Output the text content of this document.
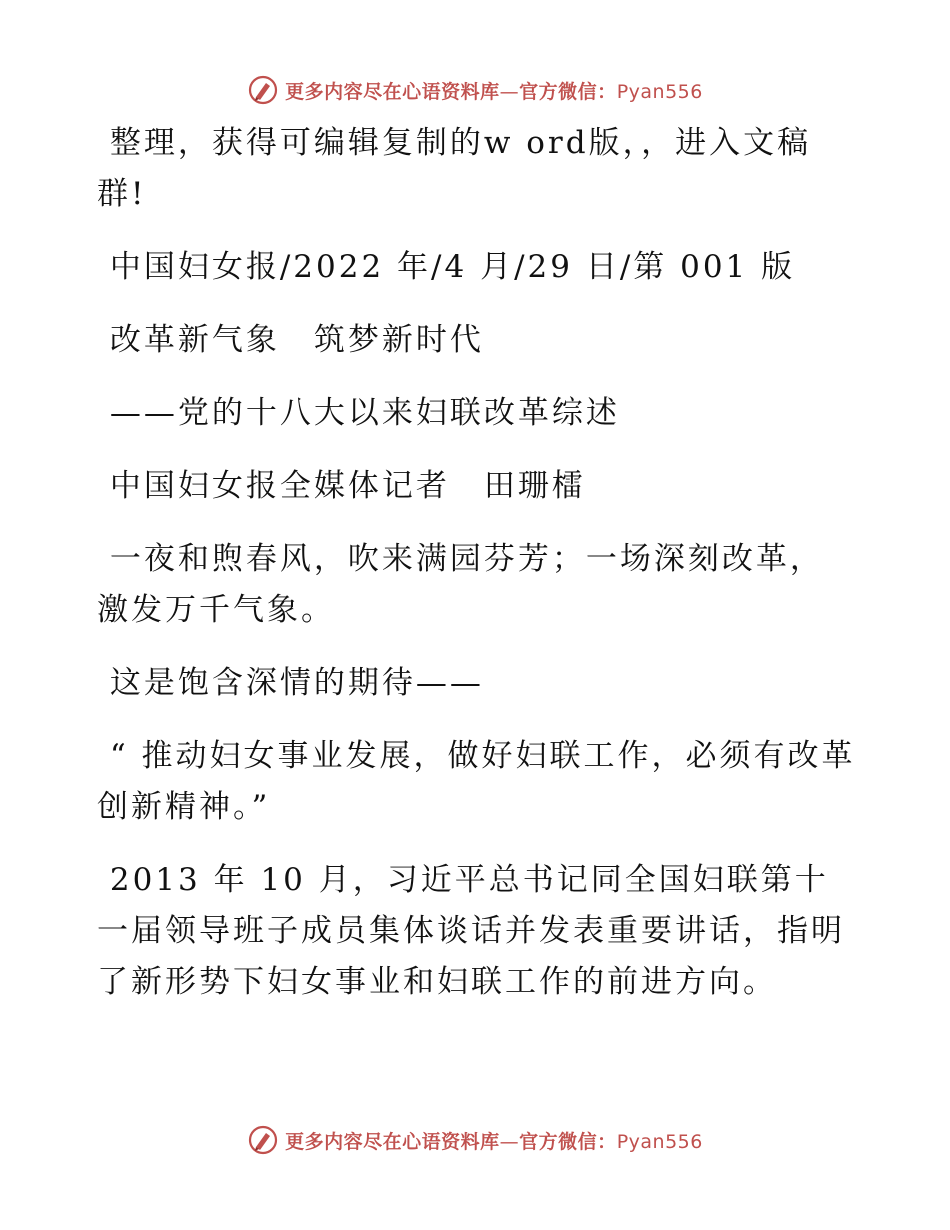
更多内容尽在心语资料库—官方微信：Pyan556

整理，获得可编辑复制的w ord版，，进入文稿群!

中国妇女报/2022 年/4 月/29 日/第 001 版

改革新气象　筑梦新时代

——党的十八大以来妇联改革综述

中国妇女报全媒体记者　田珊檑

一夜和煦春风，吹来满园芬芳；一场深刻改革，激发万千气象。

这是饱含深情的期待——

“ 推动妇女事业发展，做好妇联工作，必须有改革创新精神。”

2013 年 10 月，习近平总书记同全国妇联第十一届领导班子成员集体谈话并发表重要讲话，指明了新形势下妇女事业和妇联工作的前进方向。

更多内容尽在心语资料库—官方微信：Pyan556
